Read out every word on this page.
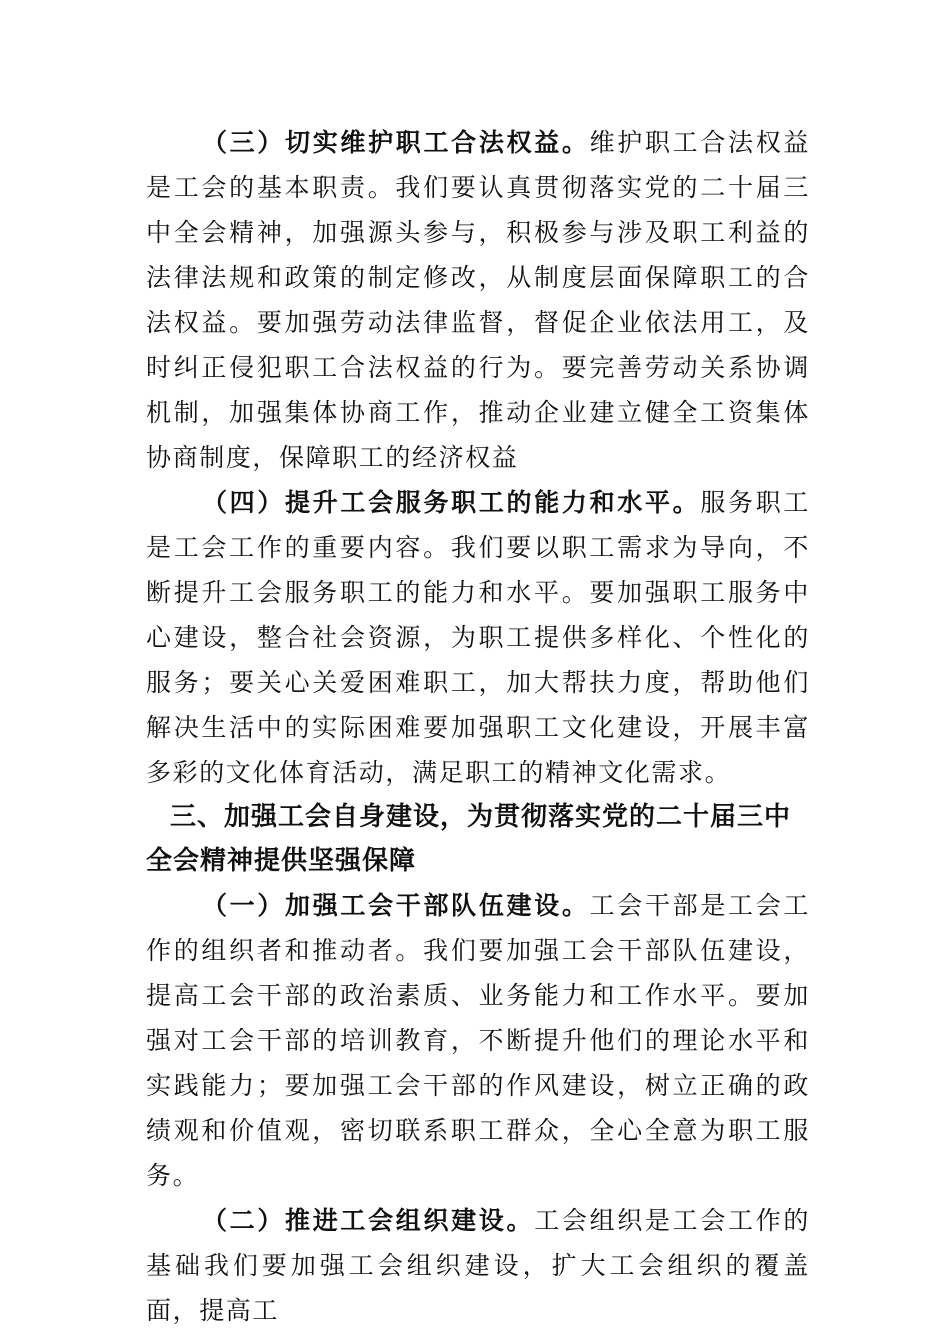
（三）切实维护职工合法权益。维护职工合法权益是工会的基本职责。我们要认真贯彻落实党的二十届三中全会精神，加强源头参与，积极参与涉及职工利益的法律法规和政策的制定修改，从制度层面保障职工的合法权益。要加强劳动法律监督，督促企业依法用工，及时纠正侵犯职工合法权益的行为。要完善劳动关系协调机制，加强集体协商工作，推动企业建立健全工资集体协商制度，保障职工的经济权益

（四）提升工会服务职工的能力和水平。服务职工是工会工作的重要内容。我们要以职工需求为导向，不断提升工会服务职工的能力和水平。要加强职工服务中心建设，整合社会资源，为职工提供多样化、个性化的服务；要关心关爱困难职工，加大帮扶力度，帮助他们解决生活中的实际困难要加强职工文化建设，开展丰富多彩的文化体育活动，满足职工的精神文化需求。

三、加强工会自身建设，为贯彻落实党的二十届三中全会精神提供坚强保障

（一）加强工会干部队伍建设。工会干部是工会工作的组织者和推动者。我们要加强工会干部队伍建设，提高工会干部的政治素质、业务能力和工作水平。要加强对工会干部的培训教育，不断提升他们的理论水平和实践能力；要加强工会干部的作风建设，树立正确的政绩观和价值观，密切联系职工群众，全心全意为职工服务。

（二）推进工会组织建设。工会组织是工会工作的基础我们要加强工会组织建设，扩大工会组织的覆盖面，提高工
